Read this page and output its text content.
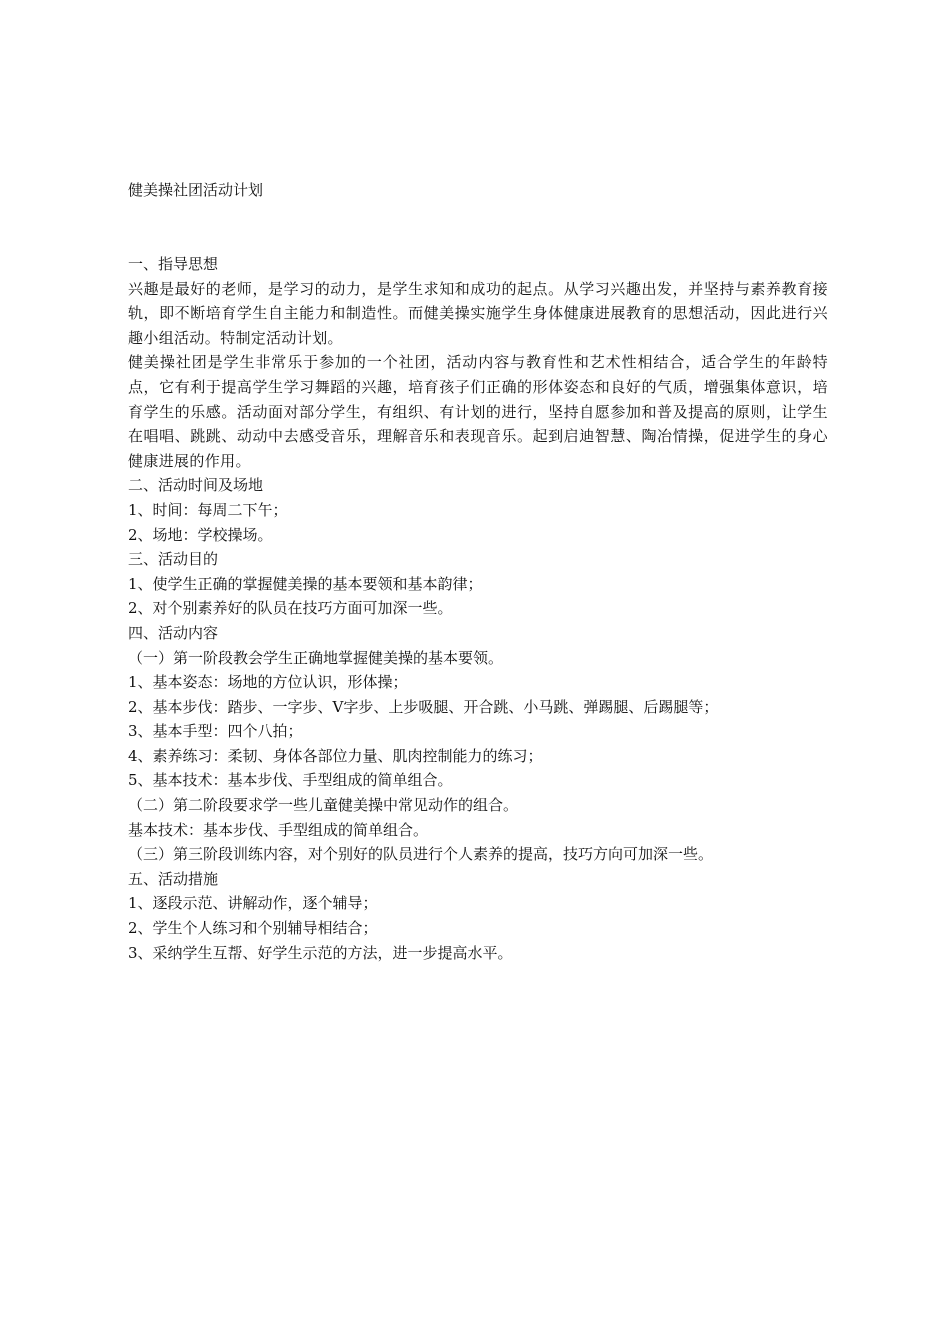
健美操社团活动计划

一、指导思想

兴趣是最好的老师，是学习的动力，是学生求知和成功的起点。从学习兴趣出发，并坚持与素养教育接轨，即不断培育学生自主能力和制造性。而健美操实施学生身体健康进展教育的思想活动，因此进行兴趣小组活动。特制定活动计划。

健美操社团是学生非常乐于参加的一个社团，活动内容与教育性和艺术性相结合，适合学生的年龄特点，它有利于提高学生学习舞蹈的兴趣，培育孩子们正确的形体姿态和良好的气质，增强集体意识，培育学生的乐感。活动面对部分学生，有组织、有计划的进行，坚持自愿参加和普及提高的原则，让学生在唱唱、跳跳、动动中去感受音乐，理解音乐和表现音乐。起到启迪智慧、陶冶情操，促进学生的身心健康进展的作用。

二、活动时间及场地

1、时间：每周二下午；

2、场地：学校操场。

三、活动目的

1、使学生正确的掌握健美操的基本要领和基本韵律；

2、对个别素养好的队员在技巧方面可加深一些。

四、活动内容

（一）第一阶段教会学生正确地掌握健美操的基本要领。

1、基本姿态：场地的方位认识，形体操；

2、基本步伐：踏步、一字步、V字步、上步吸腿、开合跳、小马跳、弹踢腿、后踢腿等；

3、基本手型：四个八拍；

4、素养练习：柔韧、身体各部位力量、肌肉控制能力的练习；

5、基本技术：基本步伐、手型组成的简单组合。

（二）第二阶段要求学一些儿童健美操中常见动作的组合。

基本技术：基本步伐、手型组成的简单组合。

（三）第三阶段训练内容，对个别好的队员进行个人素养的提高，技巧方向可加深一些。

五、活动措施

1、逐段示范、讲解动作，逐个辅导；

2、学生个人练习和个别辅导相结合；

3、采纳学生互帮、好学生示范的方法，进一步提高水平。
